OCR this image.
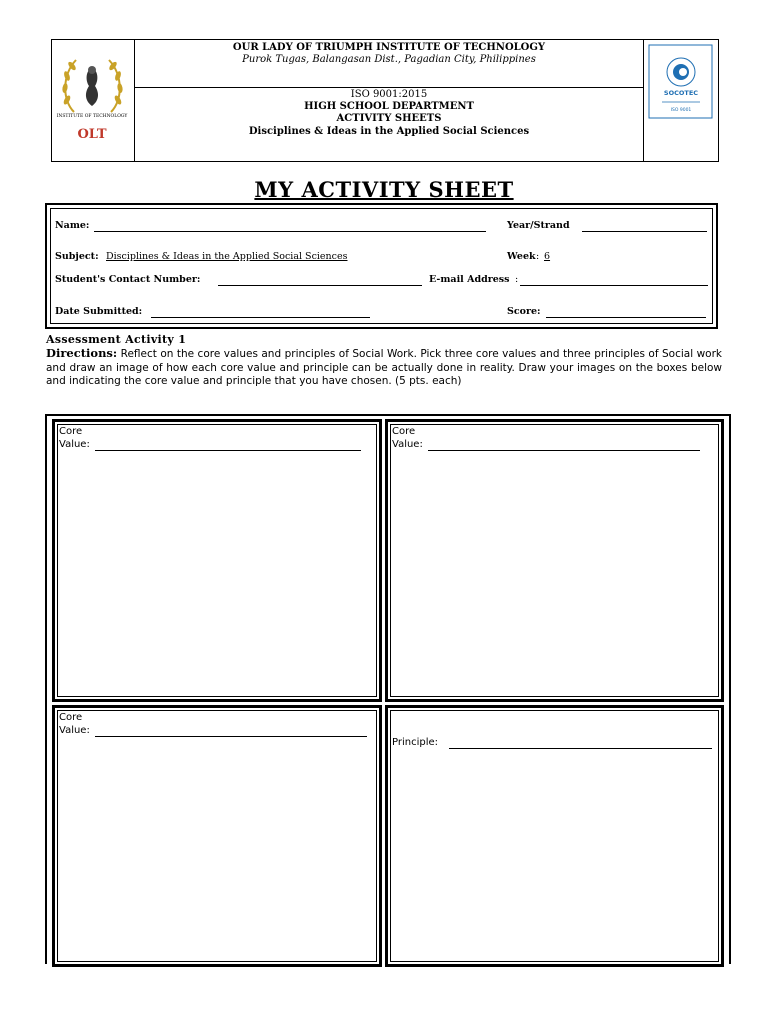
INSTITUTE OF TECHNOLOGY
OLT
OUR LADY OF TRIUMPH INSTITUTE OF TECHNOLOGY
Purok Tugas, Balangasan Dist., Pagadian City, Philippines
ISO 9001:2015
HIGH SCHOOL DEPARTMENT
ACTIVITY SHEETS
Disciplines & Ideas in the Applied Social Sciences
SOCOTEC
ISO 9001
MY ACTIVITY SHEET
Name:	Year/Strand
Subject: Disciplines & Ideas in the Applied Social Sciences	Week : 6
Student's Contact Number:	E-mail Address :
Date Submitted:	Score:
Assessment Activity 1
Directions: Reflect on the core values and principles of Social Work. Pick three core values and three principles of Social work and draw an image of how each core value and principle can be actually done in reality. Draw your images on the boxes below and indicating the core value and principle that you have chosen. (5 pts. each)
Core
Value:
Core
Value:
Core
Value:
Principle:
